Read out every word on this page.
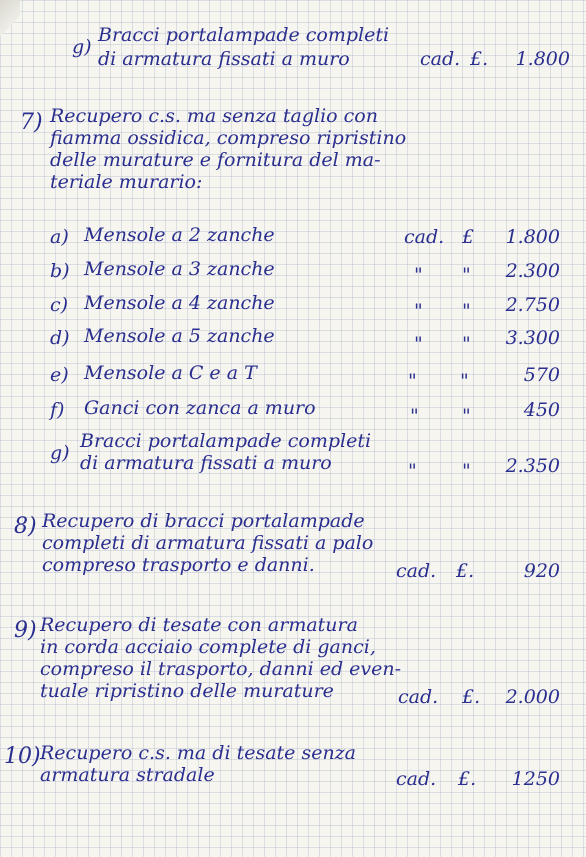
g)
Bracci portalampade completi
di armatura fissati a muro	cad. £.	1.800
7) Recupero c.s. ma senza taglio con
fiamma ossidica, compreso ripristino
delle murature e fornitura del ma-
teriale murario:
a) Mensole a 2 zanche	cad. £	1.800
b) Mensole a 3 zanche	" "	2.300
c) Mensole a 4 zanche	" "	2.750
d) Mensole a 5 zanche	" "	3.300
e) Mensole a C e a T	" "	570
f) Ganci con zanca a muro	" "	450
g)
Bracci portalampade completi
di armatura fissati a muro	" "	2.350
8) Recupero di bracci portalampade
completi di armatura fissati a palo
compreso trasporto e danni.	cad. £.	920
9) Recupero di tesate con armatura
in corda acciaio complete di ganci,
compreso il trasporto, danni ed even-
tuale ripristino delle murature	cad. £.	2.000
10) Recupero c.s. ma di tesate senza
armatura stradale	cad. £.	1250
